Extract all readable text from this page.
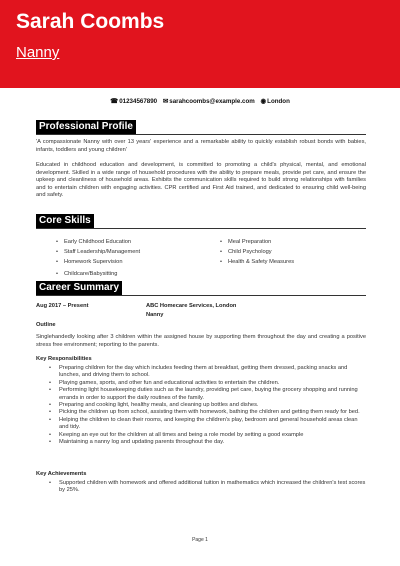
Sarah Coombs
Nanny
☎01234567890 ✉sarahcoombs@example.com ◉London
Professional Profile
'A compassionate Nanny with over 13 years' experience and a remarkable ability to quickly establish robust bonds with babies, infants, toddlers and young children'
Educated in childhood education and development, is committed to promoting a child's physical, mental, and emotional development. Skilled in a wide range of household procedures with the ability to prepare meals, provide pet care, and ensure the upkeep and cleanliness of household areas. Exhibits the communication skills required to build strong relationships with families and to entertain children with engaging activities. CPR certified and First Aid trained, and dedicated to ensuring child well-being and safety.
Core Skills
• Early Childhood Education
• Staff Leadership/Management
• Homework Supervision
• Childcare/Babysitting
• Meal Preparation
• Child Psychology
• Health & Safety Measures
Career Summary
Aug 2017 – Present	ABC Homecare Services, London
Nanny
Outline
Singlehandedly looking after 3 children within the assigned house by supporting them throughout the day and creating a positive stress free environment; reporting to the parents.
Key Responsibilities
• Preparing children for the day which includes feeding them at breakfast, getting them dressed, packing snacks and lunches, and driving them to school.
• Playing games, sports, and other fun and educational activities to entertain the children.
• Performing light housekeeping duties such as the laundry, providing pet care, buying the grocery shopping and running errands in order to support the daily routines of the family.
• Preparing and cooking light, healthy meals, and cleaning up bottles and dishes.
• Picking the children up from school, assisting them with homework, bathing the children and getting them ready for bed.
• Helping the children to clean their rooms, and keeping the children's play, bedroom and general household areas clean and tidy.
• Keeping an eye out for the children at all times and being a role model by setting a good example
• Maintaining a nanny log and updating parents throughout the day.
Key Achievements
• Supported children with homework and offered additional tuition in mathematics which increased the children's test scores by 25%.
Page 1
